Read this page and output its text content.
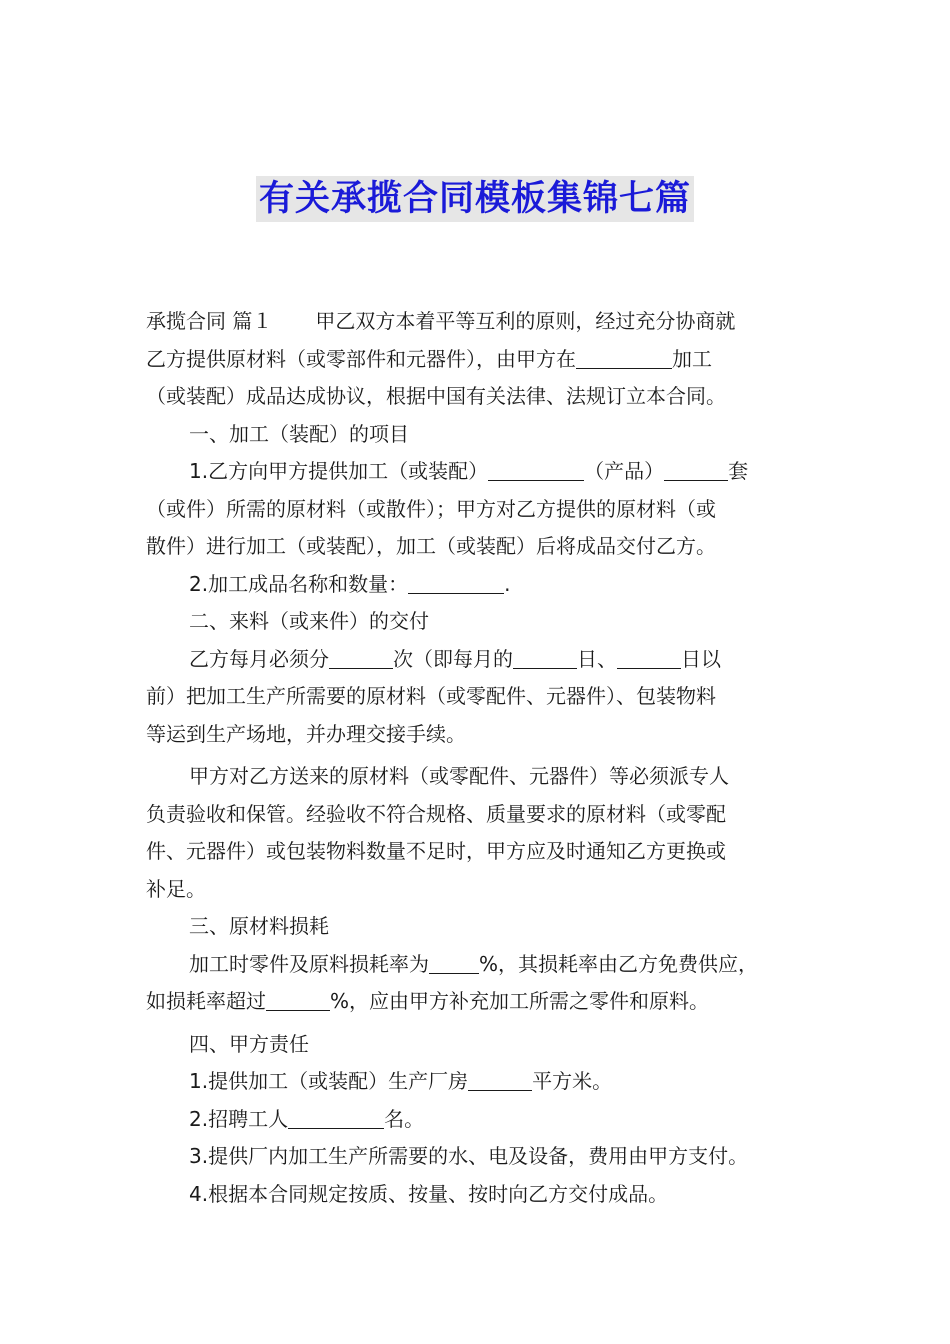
有关承揽合同模板集锦七篇

承揽合同 篇１ 甲乙双方本着平等互利的原则，经过充分协商就

乙方提供原材料（或零部件和元器件），由甲方在	加工

（或装配）成品达成协议，根据中国有关法律、法规订立本合同。

一、加工（装配）的项目

1.乙方向甲方提供加工（或装配）	（产品）	套

（或件）所需的原材料（或散件）；甲方对乙方提供的原材料（或

散件）进行加工（或装配），加工（或装配）后将成品交付乙方。

2.加工成品名称和数量：	.

二、来料（或来件）的交付

乙方每月必须分	次（即每月的	日、	日以

前）把加工生产所需要的原材料（或零配件、元器件）、包装物料

等运到生产场地，并办理交接手续。

甲方对乙方送来的原材料（或零配件、元器件）等必须派专人

负责验收和保管。经验收不符合规格、质量要求的原材料（或零配

件、元器件）或包装物料数量不足时，甲方应及时通知乙方更换或

补足。

三、原材料损耗

加工时零件及原料损耗率为	%，其损耗率由乙方免费供应，

如损耗率超过	%，应由甲方补充加工所需之零件和原料。

四、甲方责任

1.提供加工（或装配）生产厂房	平方米。

2.招聘工人	名。

3.提供厂内加工生产所需要的水、电及设备，费用由甲方支付。

4.根据本合同规定按质、按量、按时向乙方交付成品。
